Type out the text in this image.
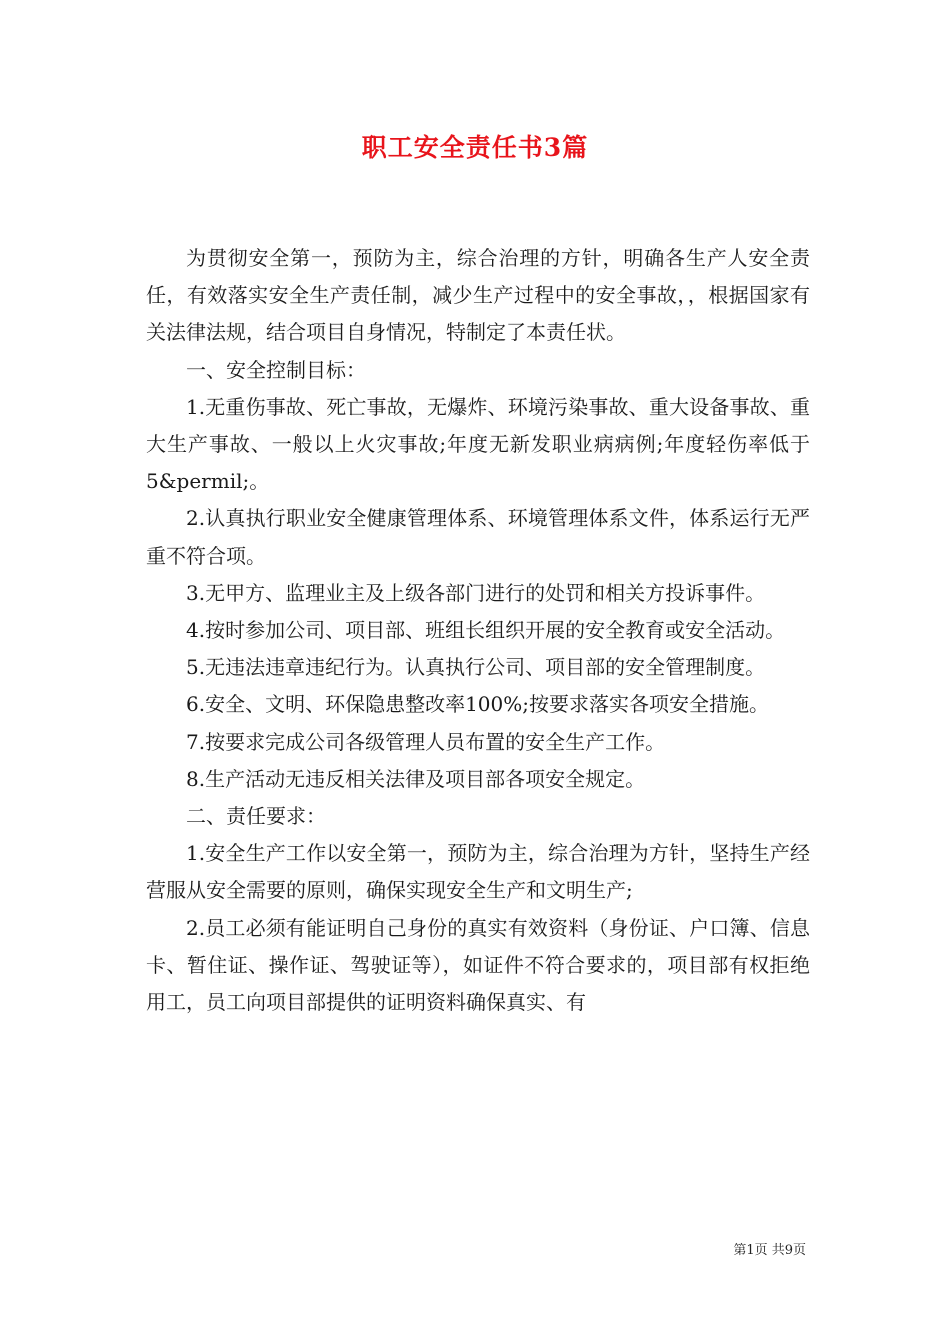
职工安全责任书3篇

为贯彻安全第一，预防为主，综合治理的方针，明确各生产人安全责任，有效落实安全生产责任制，减少生产过程中的安全事故，，根据国家有关法律法规，结合项目自身情况，特制定了本责任状。

一、安全控制目标：

1.无重伤事故、死亡事故，无爆炸、环境污染事故、重大设备事故、重大生产事故、一般以上火灾事故;年度无新发职业病病例;年度轻伤率低于5&permil;。

2.认真执行职业安全健康管理体系、环境管理体系文件，体系运行无严重不符合项。

3.无甲方、监理业主及上级各部门进行的处罚和相关方投诉事件。

4.按时参加公司、项目部、班组长组织开展的安全教育或安全活动。

5.无违法违章违纪行为。认真执行公司、项目部的安全管理制度。

6.安全、文明、环保隐患整改率100%;按要求落实各项安全措施。

7.按要求完成公司各级管理人员布置的安全生产工作。

8.生产活动无违反相关法律及项目部各项安全规定。

二、责任要求：

1.安全生产工作以安全第一，预防为主，综合治理为方针，坚持生产经营服从安全需要的原则，确保实现安全生产和文明生产;

2.员工必须有能证明自己身份的真实有效资料（身份证、户口簿、信息卡、暂住证、操作证、驾驶证等），如证件不符合要求的，项目部有权拒绝用工，员工向项目部提供的证明资料确保真实、有

第1页 共9页
